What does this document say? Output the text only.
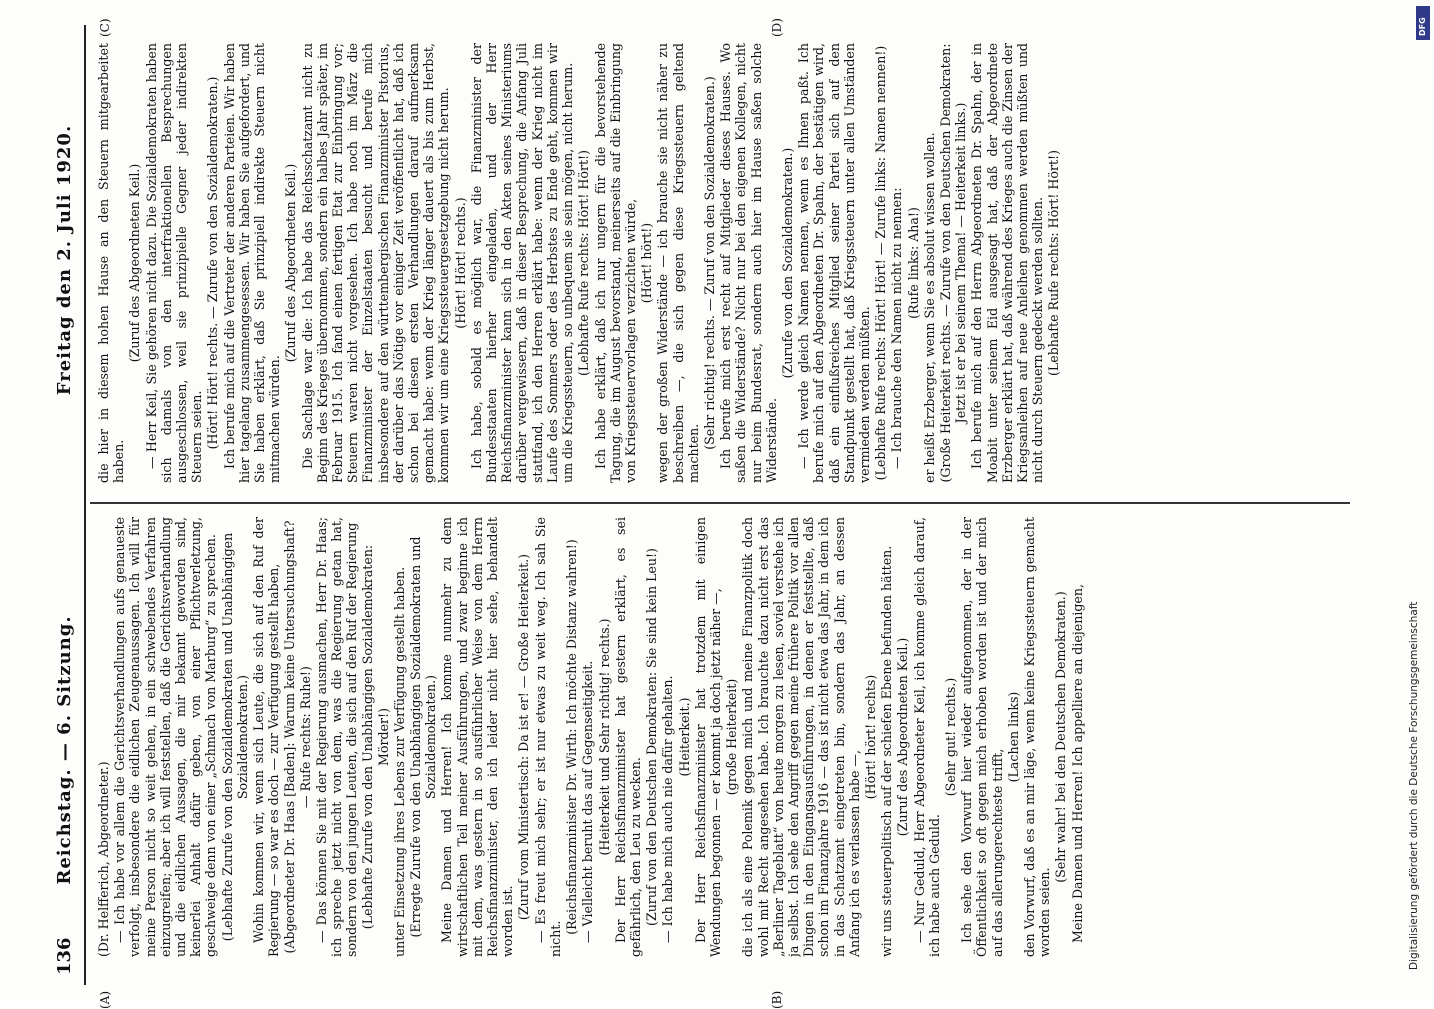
136
Reichstag. — 6. Sitzung.
Freitag den 2. Juli 1920.
(A)	(B)
(C)	(D)

(Dr. Helfferich, Abgeordneter.) — Ich habe vor allem die Gerichtsverhandlungen aufs genaueste verfolgt, insbesondere die eidlichen Zeugenaussagen. Ich will für meine Person nicht so weit gehen, in ein schwebendes Verfahren einzugreifen; aber ich will feststellen, daß die Gerichtsverhandlung und die eidlichen Aussagen, die mir bekannt geworden sind, keinerlei Anhalt dafür geben, von einer Pflichtverletzung, geschweige denn von einer „Schmach von Marburg“ zu sprechen. (Lebhafte Zurufe von den Sozialdemokraten und Unabhängigen Sozialdemokraten.) Wohin kommen wir, wenn sich Leute, die sich auf den Ruf der Regierung — so war es doch — zur Verfügung gestellt haben, (Abgeordneter Dr. Haas [Baden]: Warum keine Untersuchungshaft? — Rufe rechts: Ruhe!) — Das können Sie mit der Regierung ausmachen, Herr Dr. Haas; ich spreche jetzt nicht von dem, was die Regierung getan hat, sondern von den jungen Leuten, die sich auf den Ruf der Regierung (Lebhafte Zurufe von den Unabhängigen Sozialdemokraten: Mörder!) unter Einsetzung ihres Lebens zur Verfügung gestellt haben. (Erregte Zurufe von den Unabhängigen Sozialdemokraten und Sozialdemokraten.) Meine Damen und Herren! Ich komme nunmehr zu dem wirtschaftlichen Teil meiner Ausführungen, und zwar beginne ich mit dem, was gestern in so ausführlicher Weise von dem Herrn Reichsfinanzminister, den ich leider nicht hier sehe, behandelt worden ist.

(Zuruf vom Ministertisch: Da ist er! — Große Heiterkeit.) — Es freut mich sehr; er ist nur etwas zu weit weg. Ich sah Sie nicht.

(Reichsfinanzminister Dr. Wirth: Ich möchte Distanz wahren!) — Vielleicht beruht das auf Gegenseitigkeit. (Heiterkeit und Sehr richtig! rechts.) Der Herr Reichsfinanzminister hat gestern erklärt, es sei gefährlich, den Leu zu wecken. (Zuruf von den Deutschen Demokraten: Sie sind kein Leu!) — Ich habe mich auch nie dafür gehalten. (Heiterkeit.) Der Herr Reichsfinanzminister hat trotzdem mit einigen Wendungen begonnen — er kommt ja doch jetzt näher —, (große Heiterkeit) die ich als eine Polemik gegen mich und meine Finanzpolitik doch wohl mit Recht angesehen habe. Ich brauchte dazu nicht erst das „Berliner Tageblatt“ von heute morgen zu lesen, soviel verstehe ich ja selbst. Ich sehe den Angriff gegen meine frühere Politik vor allen Dingen in den Eingangsausführungen, in denen er feststellte, daß schon im Finanzjahre 1916 — das ist nicht etwa das Jahr, in dem ich in das Schatzamt eingetreten bin, sondern das Jahr, an dessen Anfang ich es verlassen habe —,

(Hört! hört! rechts) wir uns steuerpolitisch auf der schiefen Ebene befunden hätten. (Zuruf des Abgeordneten Keil.) — Nur Geduld, Herr Abgeordneter Keil, ich komme gleich darauf, ich habe auch Geduld.

(Sehr gut! rechts.) Ich sehe den Vorwurf hier wieder aufgenommen, der in der Öffentlichkeit so oft gegen mich erhoben worden ist und der mich auf das allerungerechteste trifft,

(Lachen links) den Vorwurf, daß es an mir läge, wenn keine Kriegssteuern gemacht worden seien.

(Sehr wahr! bei den Deutschen Demokraten.) Meine Damen und Herren! Ich appelliere an diejenigen,

die hier in diesem hohen Hause an den Steuern mitgearbeitet haben.

(Zuruf des Abgeordneten Keil.) — Herr Keil, Sie gehören nicht dazu. Die Sozialdemokraten haben sich damals von den interfraktionellen Besprechungen ausgeschlossen, weil sie prinzipielle Gegner jeder indirekten Steuern seien. (Hört! Hört! rechts. — Zurufe von den Sozialdemokraten.) Ich berufe mich auf die Vertreter der anderen Parteien. Wir haben hier tagelang zusammengesessen. Wir haben Sie aufgefordert, und Sie haben erklärt, daß Sie prinzipiell indirekte Steuern nicht mitmachen würden.

(Zuruf des Abgeordneten Keil.) Die Sachlage war die: Ich habe das Reichsschatzamt nicht zu Beginn des Krieges übernommen, sondern ein halbes Jahr später, im Februar 1915. Ich fand einen fertigen Etat zur Einbringung vor; Steuern waren nicht vorgesehen. Ich habe noch im März die Finanzminister der Einzelstaaten besucht und berufe mich insbesondere auf den württembergischen Finanzminister Pistorius, der darüber das Nötige vor einiger Zeit veröffentlicht hat, daß ich schon bei diesen ersten Verhandlungen darauf aufmerksam gemacht habe: wenn der Krieg länger dauert als bis zum Herbst, kommen wir um eine Kriegssteuergesetzgebung nicht herum. (Hört! Hört! rechts.) Ich habe, sobald es möglich war, die Finanzminister der Bundesstaaten hierher eingeladen, und der Herr Reichsfinanzminister kann sich in den Akten seines Ministeriums darüber vergewissern, daß in dieser Besprechung, die Anfang Juli stattfand, ich den Herren erklärt habe: wenn der Krieg nicht im Laufe des Sommers oder des Herbstes zu Ende geht, kommen wir um die Kriegssteuern, so unbequem sie sein mögen, nicht herum. (Lebhafte Rufe rechts: Hört! Hört!) Ich habe erklärt, daß ich nur ungern für die bevorstehende Tagung, die im August bevorstand, meinerseits auf die Einbringung von Kriegssteuervorlagen verzichten würde, (Hört! hört!) wegen der großen Widerstände — ich brauche sie nicht näher zu beschreiben —, die sich gegen diese Kriegssteuern geltend machten.

(Sehr richtig! rechts. — Zuruf von den Sozialdemokraten.) Ich berufe mich erst recht auf Mitglieder dieses Hauses. Wo saßen die Widerstände? Nicht nur bei den eigenen Kollegen, nicht nur beim Bundesrat, sondern auch hier im Hause saßen solche Widerstände.

(Zurufe von den Sozialdemokraten.) — Ich werde gleich Namen nennen, wenn es Ihnen paßt. Ich berufe mich auf den Abgeordneten Dr. Spahn, der bestätigen wird, daß ein einflußreiches Mitglied seiner Partei sich auf den Standpunkt gestellt hat, daß Kriegssteuern unter allen Umständen vermieden werden müßten. (Lebhafte Rufe rechts: Hört! Hört! — Zurufe links: Namen nennen!) — Ich brauche den Namen nicht zu nennen: (Rufe links: Aha!) er heißt Erzberger, wenn Sie es absolut wissen wollen. (Große Heiterkeit rechts. — Zurufe von den Deutschen Demokraten: Jetzt ist er bei seinem Thema! — Heiterkeit links.) Ich berufe mich auf den Herrn Abgeordneten Dr. Spahn, der in Moabit unter seinem Eid ausgesagt hat, daß der Abgeordnete Erzberger erklärt hat, daß während des Krieges auch die Zinsen der Kriegsanleihen auf neue Anleihen genommen werden müßten und nicht durch Steuern gedeckt werden sollten. (Lebhafte Rufe rechts: Hört! Hört!)

Digitalisierung gefördert durch die Deutsche Forschungsgemeinschaft
DFG
